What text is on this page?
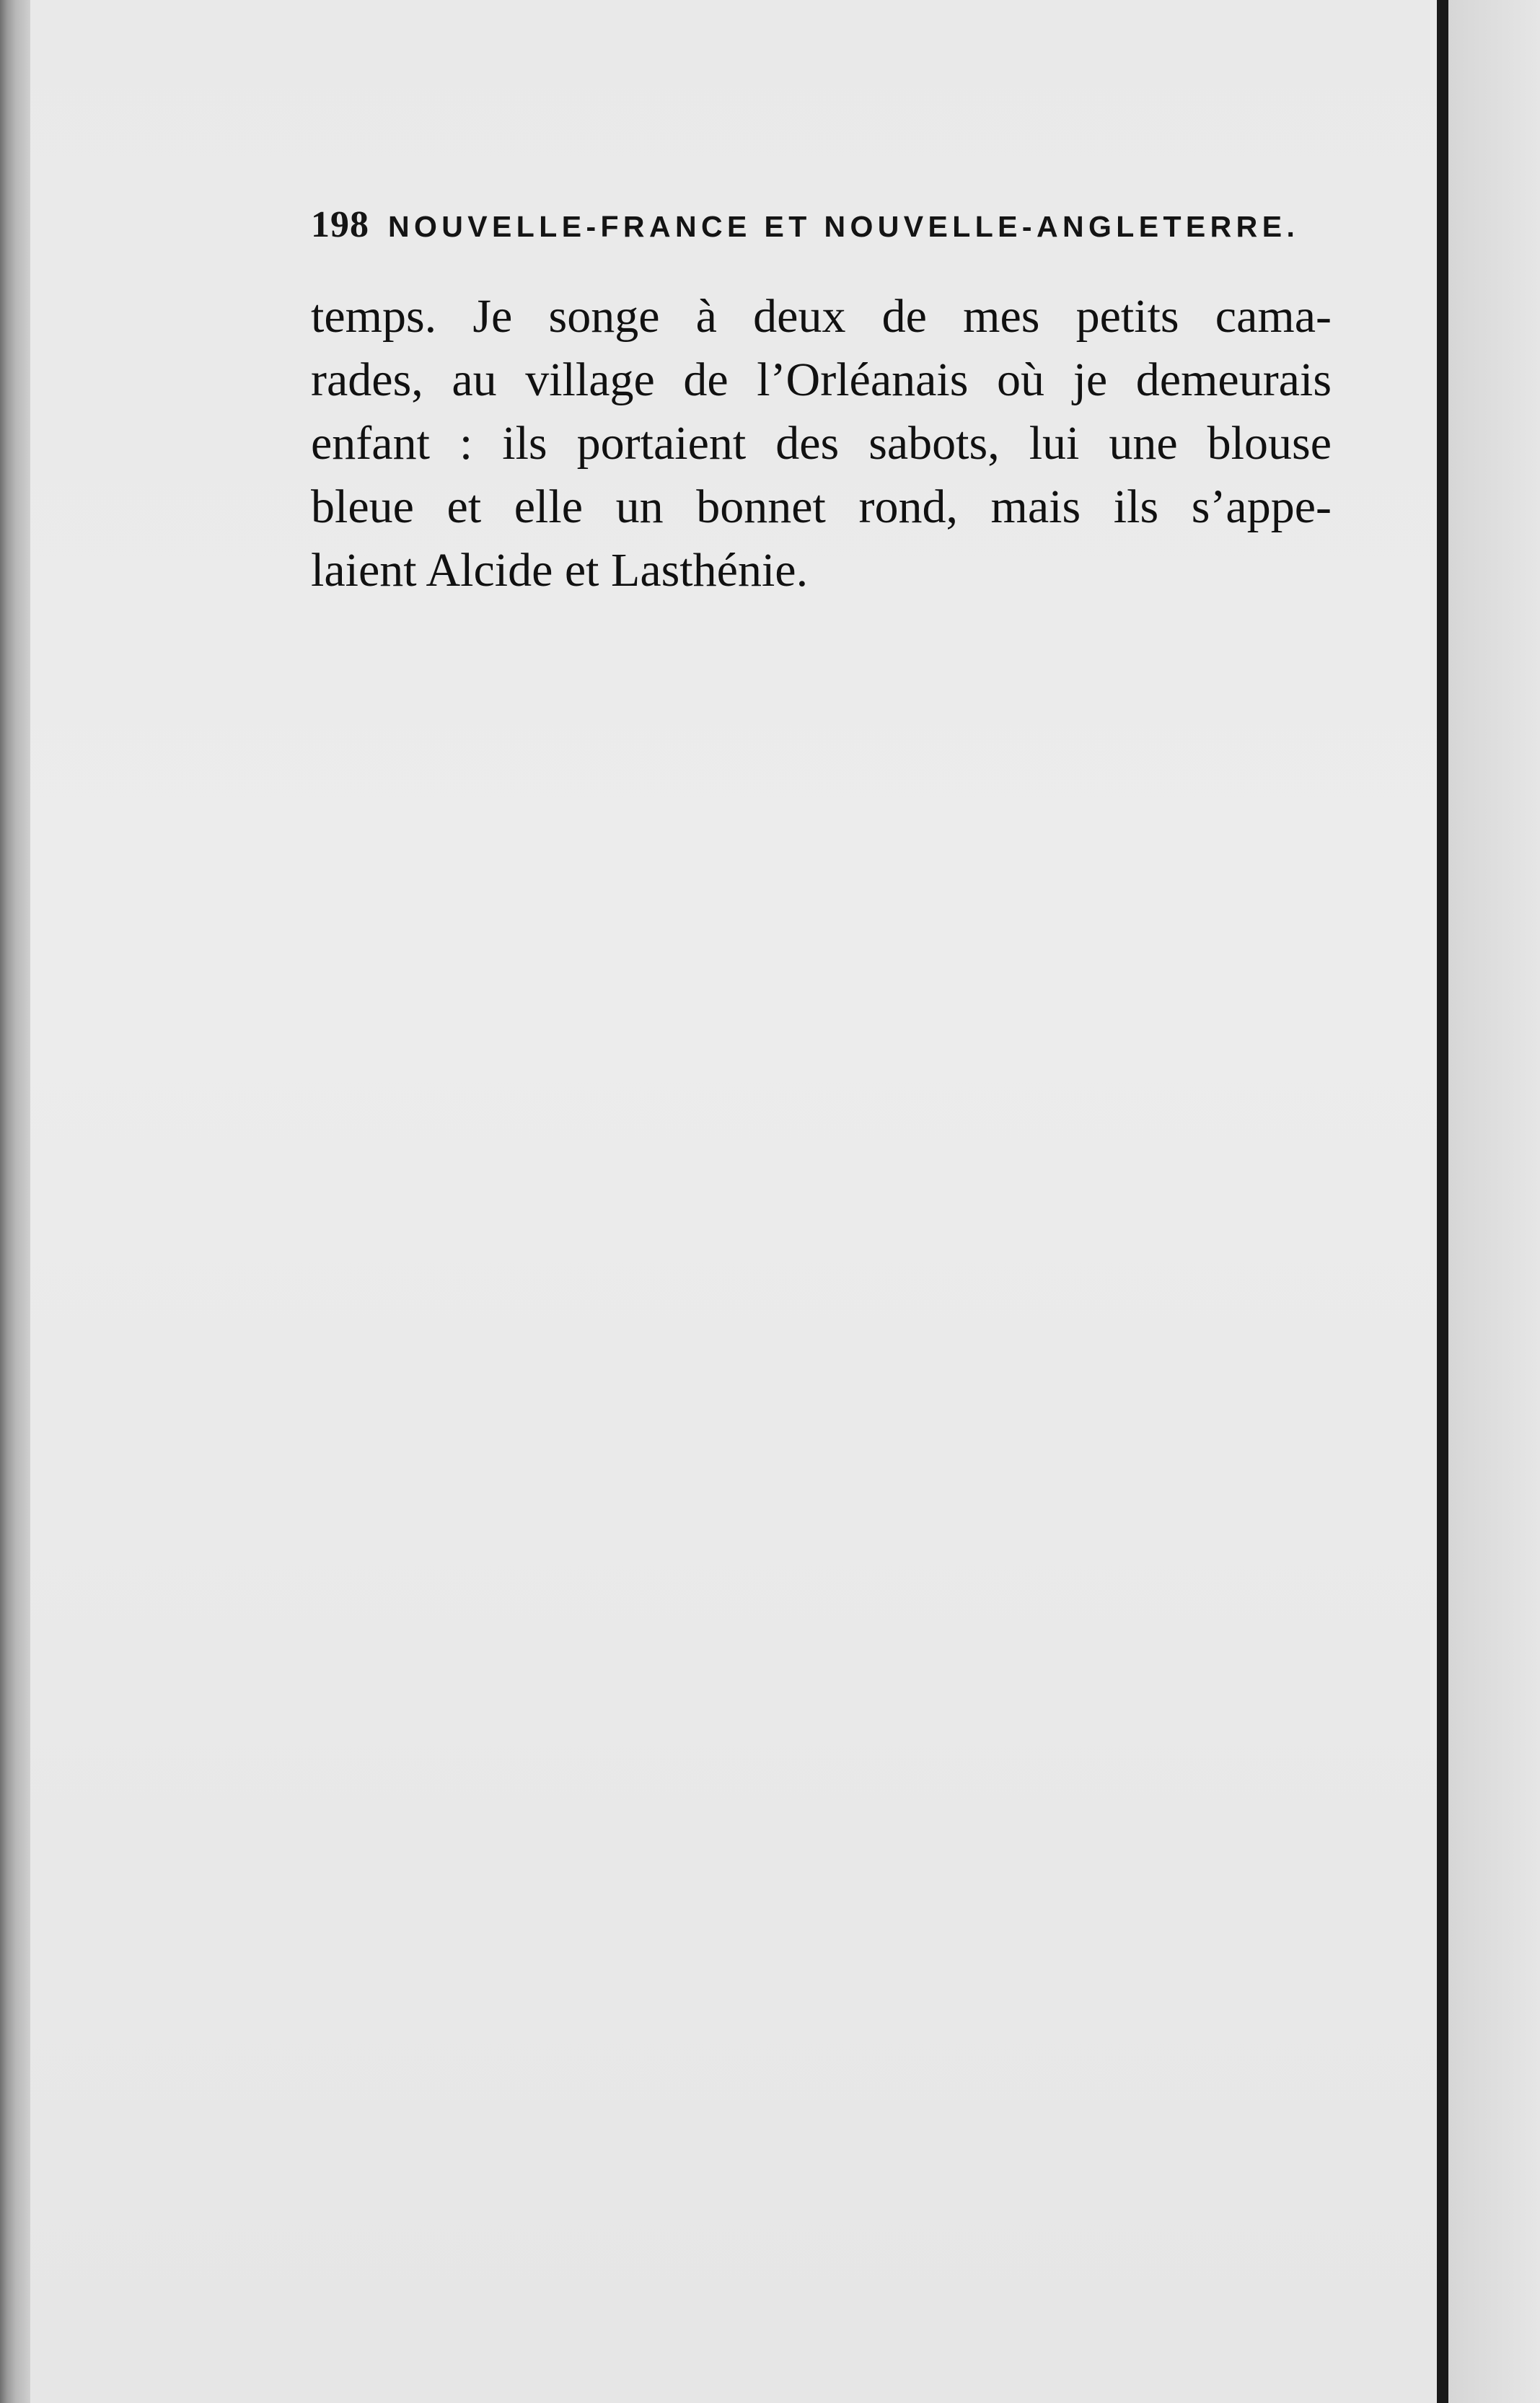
198 NOUVELLE-FRANCE ET NOUVELLE-ANGLETERRE.
temps. Je songe à deux de mes petits cama-
rades, au village de l’Orléanais où je demeurais
enfant : ils portaient des sabots, lui une blouse
bleue et elle un bonnet rond, mais ils s’appe-
laient Alcide et Lasthénie.
